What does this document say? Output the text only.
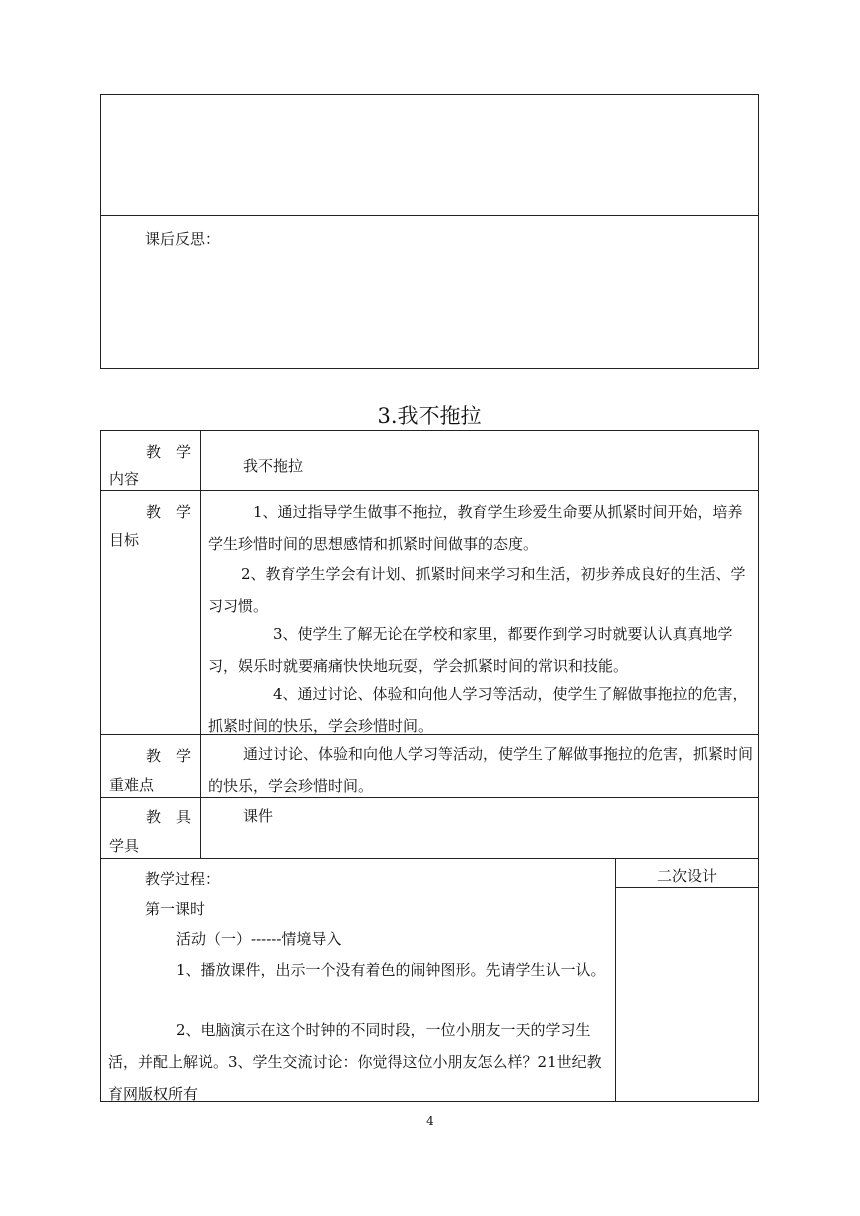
课后反思：
3.我不拖拉
教　学
内容
我不拖拉
教　学
目标
1、通过指导学生做事不拖拉，教育学生珍爱生命要从抓紧时间开始，培养学生珍惜时间的思想感情和抓紧时间做事的态度。
2、教育学生学会有计划、抓紧时间来学习和生活，初步养成良好的生活、学习习惯。
3、使学生了解无论在学校和家里，都要作到学习时就要认认真真地学习，娱乐时就要痛痛快快地玩耍，学会抓紧时间的常识和技能。
4、通过讨论、体验和向他人学习等活动，使学生了解做事拖拉的危害，抓紧时间的快乐，学会珍惜时间。
教　学
重难点
通过讨论、体验和向他人学习等活动，使学生了解做事拖拉的危害，抓紧时间的快乐，学会珍惜时间。
教　具
学具
课件
教学过程：	二次设计
第一课时
活动（一）------情境导入
1、播放课件，出示一个没有着色的闹钟图形。先请学生认一认。
2、电脑演示在这个时钟的不同时段，一位小朋友一天的学习生活，并配上解说。3、学生交流讨论：你觉得这位小朋友怎么样？21世纪教育网版权所有
4
